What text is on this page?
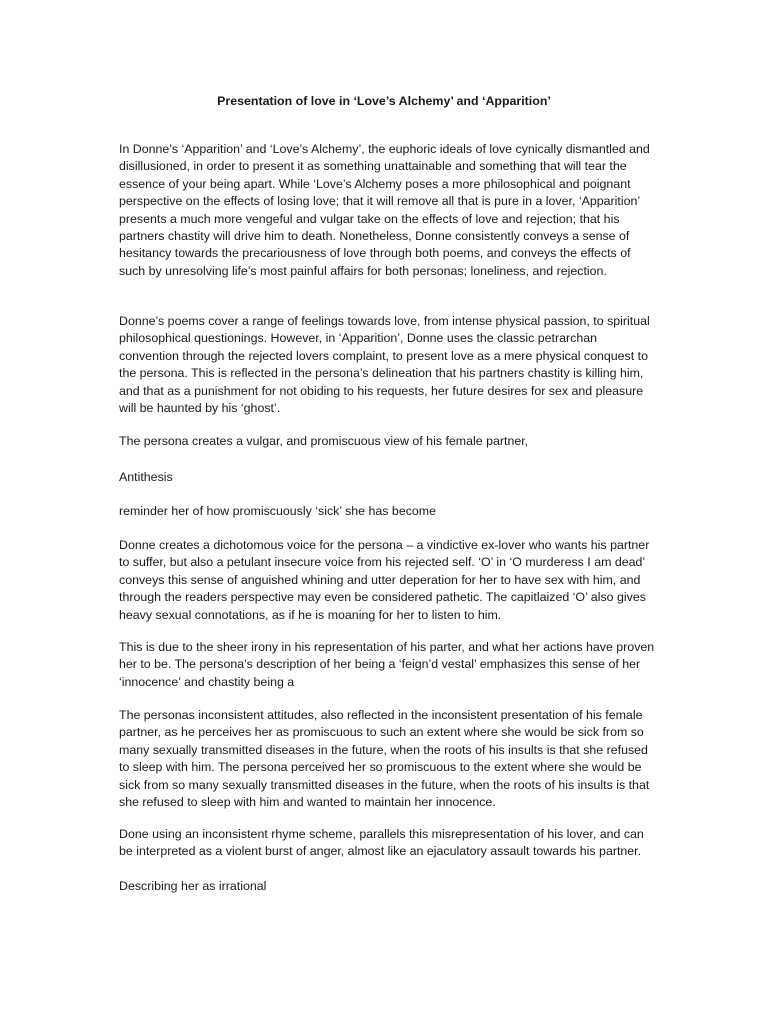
Presentation of love in ‘Love’s Alchemy’ and ‘Apparition’

In Donne’s ‘Apparition’ and ‘Love’s Alchemy’, the euphoric ideals of love cynically dismantled and disillusioned, in order to present it as something unattainable and something that will tear the essence of your being apart. While ‘Love’s Alchemy poses a more philosophical and poignant perspective on the effects of losing love; that it will remove all that is pure in a lover, ‘Apparition’ presents a much more vengeful and vulgar take on the effects of love and rejection; that his partners chastity will drive him to death. Nonetheless, Donne consistently conveys a sense of hesitancy towards the precariousness of love through both poems, and conveys the effects of such by unresolving life’s most painful affairs for both personas; loneliness, and rejection.

Donne’s poems cover a range of feelings towards love, from intense physical passion, to spiritual philosophical questionings. However, in ‘Apparition’, Donne uses the classic petrarchan convention through the rejected lovers complaint, to present love as a mere physical conquest to the persona. This is reflected in the persona’s delineation that his partners chastity is killing him, and that as a punishment for not obiding to his requests, her future desires for sex and pleasure will be haunted by his ‘ghost’.

The persona creates a vulgar, and promiscuous view of his female partner,

Antithesis

reminder her of how promiscuously ‘sick’ she has become

Donne creates a dichotomous voice for the persona – a vindictive ex-lover who wants his partner to suffer, but also a petulant insecure voice from his rejected self. ‘O’ in ‘O murderess I am dead’ conveys this sense of anguished whining and utter deperation for her to have sex with him, and through the readers perspective may even be considered pathetic. The capitlaized ‘O’ also gives heavy sexual connotations, as if he is moaning for her to listen to him.

This is due to the sheer irony in his representation of his parter, and what her actions have proven her to be. The persona’s description of her being a ‘feign’d vestal’ emphasizes this sense of her ‘innocence’ and chastity being a

The personas inconsistent attitudes, also reflected in the inconsistent presentation of his female partner, as he perceives her as promiscuous to such an extent where she would be sick from so many sexually transmitted diseases in the future, when the roots of his insults is that she refused to sleep with him. The persona perceived her so promiscuous to the extent where she would be sick from so many sexually transmitted diseases in the future, when the roots of his insults is that she refused to sleep with him and wanted to maintain her innocence.

Done using an inconsistent rhyme scheme, parallels this misrepresentation of his lover, and can be interpreted as a violent burst of anger, almost like an ejaculatory assault towards his partner.

Describing her as irrational
